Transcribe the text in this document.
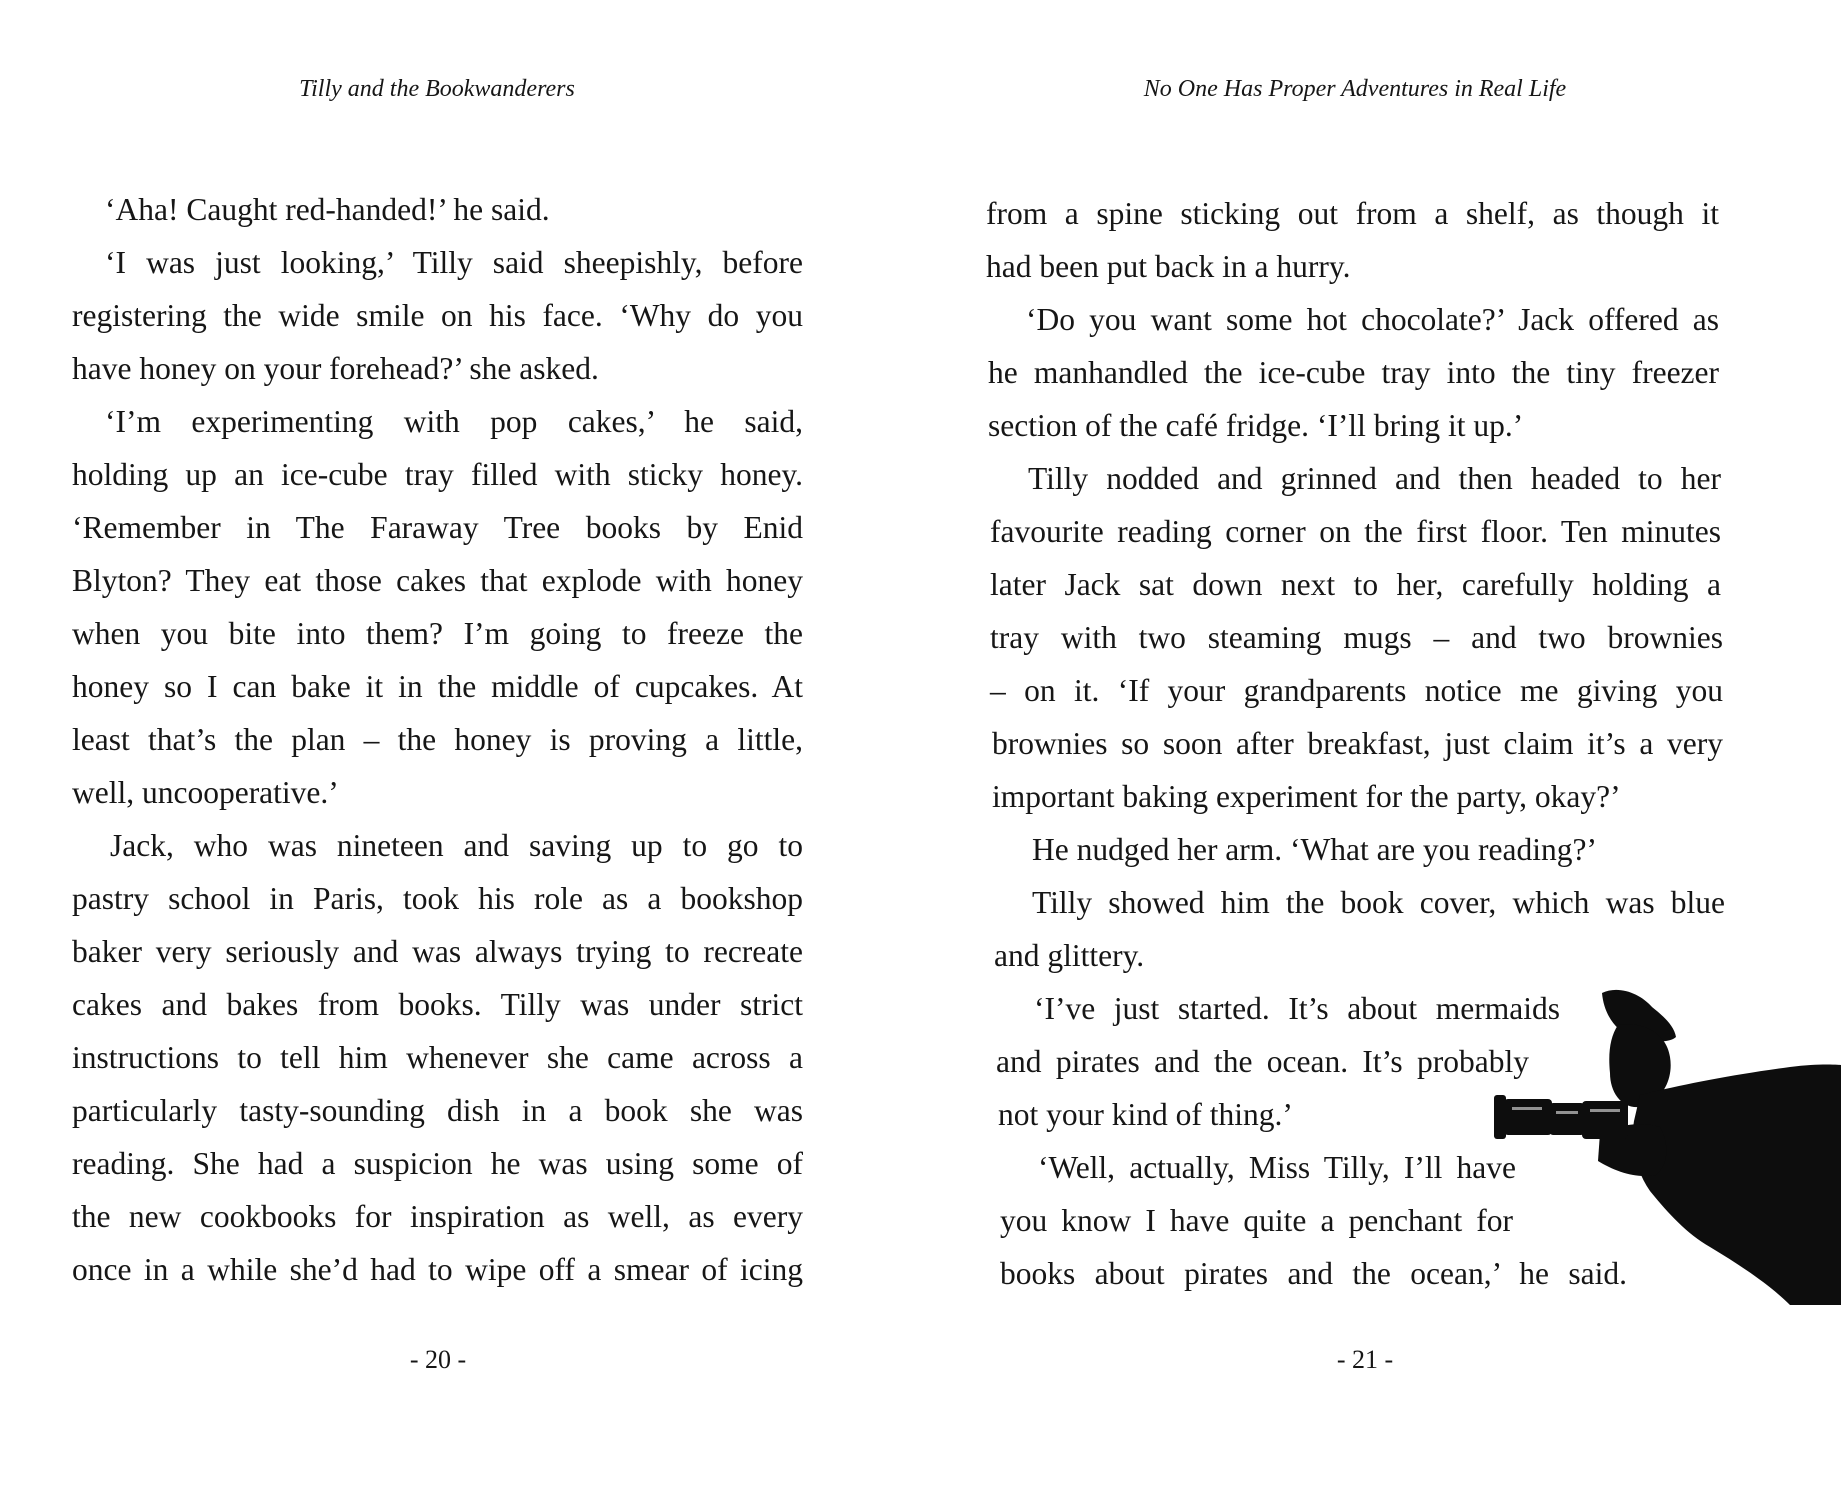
Tilly and the Bookwanderers
‘Aha! Caught red-handed!’ he said.
‘I was just looking,’ Tilly said sheepishly, before
registering the wide smile on his face. ‘Why do you
have honey on your forehead?’ she asked.
‘I’m experimenting with pop cakes,’ he said,
holding up an ice-cube tray filled with sticky honey.
‘Remember in The Faraway Tree books by Enid
Blyton? They eat those cakes that explode with honey
when you bite into them? I’m going to freeze the
honey so I can bake it in the middle of cupcakes. At
least that’s the plan – the honey is proving a little,
well, uncooperative.’
Jack, who was nineteen and saving up to go to
pastry school in Paris, took his role as a bookshop
baker very seriously and was always trying to recreate
cakes and bakes from books. Tilly was under strict
instructions to tell him whenever she came across a
particularly tasty-sounding dish in a book she was
reading. She had a suspicion he was using some of
the new cookbooks for inspiration as well, as every
once in a while she’d had to wipe off a smear of icing
- 20 -
No One Has Proper Adventures in Real Life
from a spine sticking out from a shelf, as though it
had been put back in a hurry.
‘Do you want some hot chocolate?’ Jack offered as
he manhandled the ice-cube tray into the tiny freezer
section of the café fridge. ‘I’ll bring it up.’
Tilly nodded and grinned and then headed to her
favourite reading corner on the first floor. Ten minutes
later Jack sat down next to her, carefully holding a
tray with two steaming mugs – and two brownies
– on it. ‘If your grandparents notice me giving you
brownies so soon after breakfast, just claim it’s a very
important baking experiment for the party, okay?’
He nudged her arm. ‘What are you reading?’
Tilly showed him the book cover, which was blue
and glittery.
‘I’ve just started. It’s about mermaids
and pirates and the ocean. It’s probably
not your kind of thing.’
‘Well, actually, Miss Tilly, I’ll have
you know I have quite a penchant for
books about pirates and the ocean,’ he said.
- 21 -
